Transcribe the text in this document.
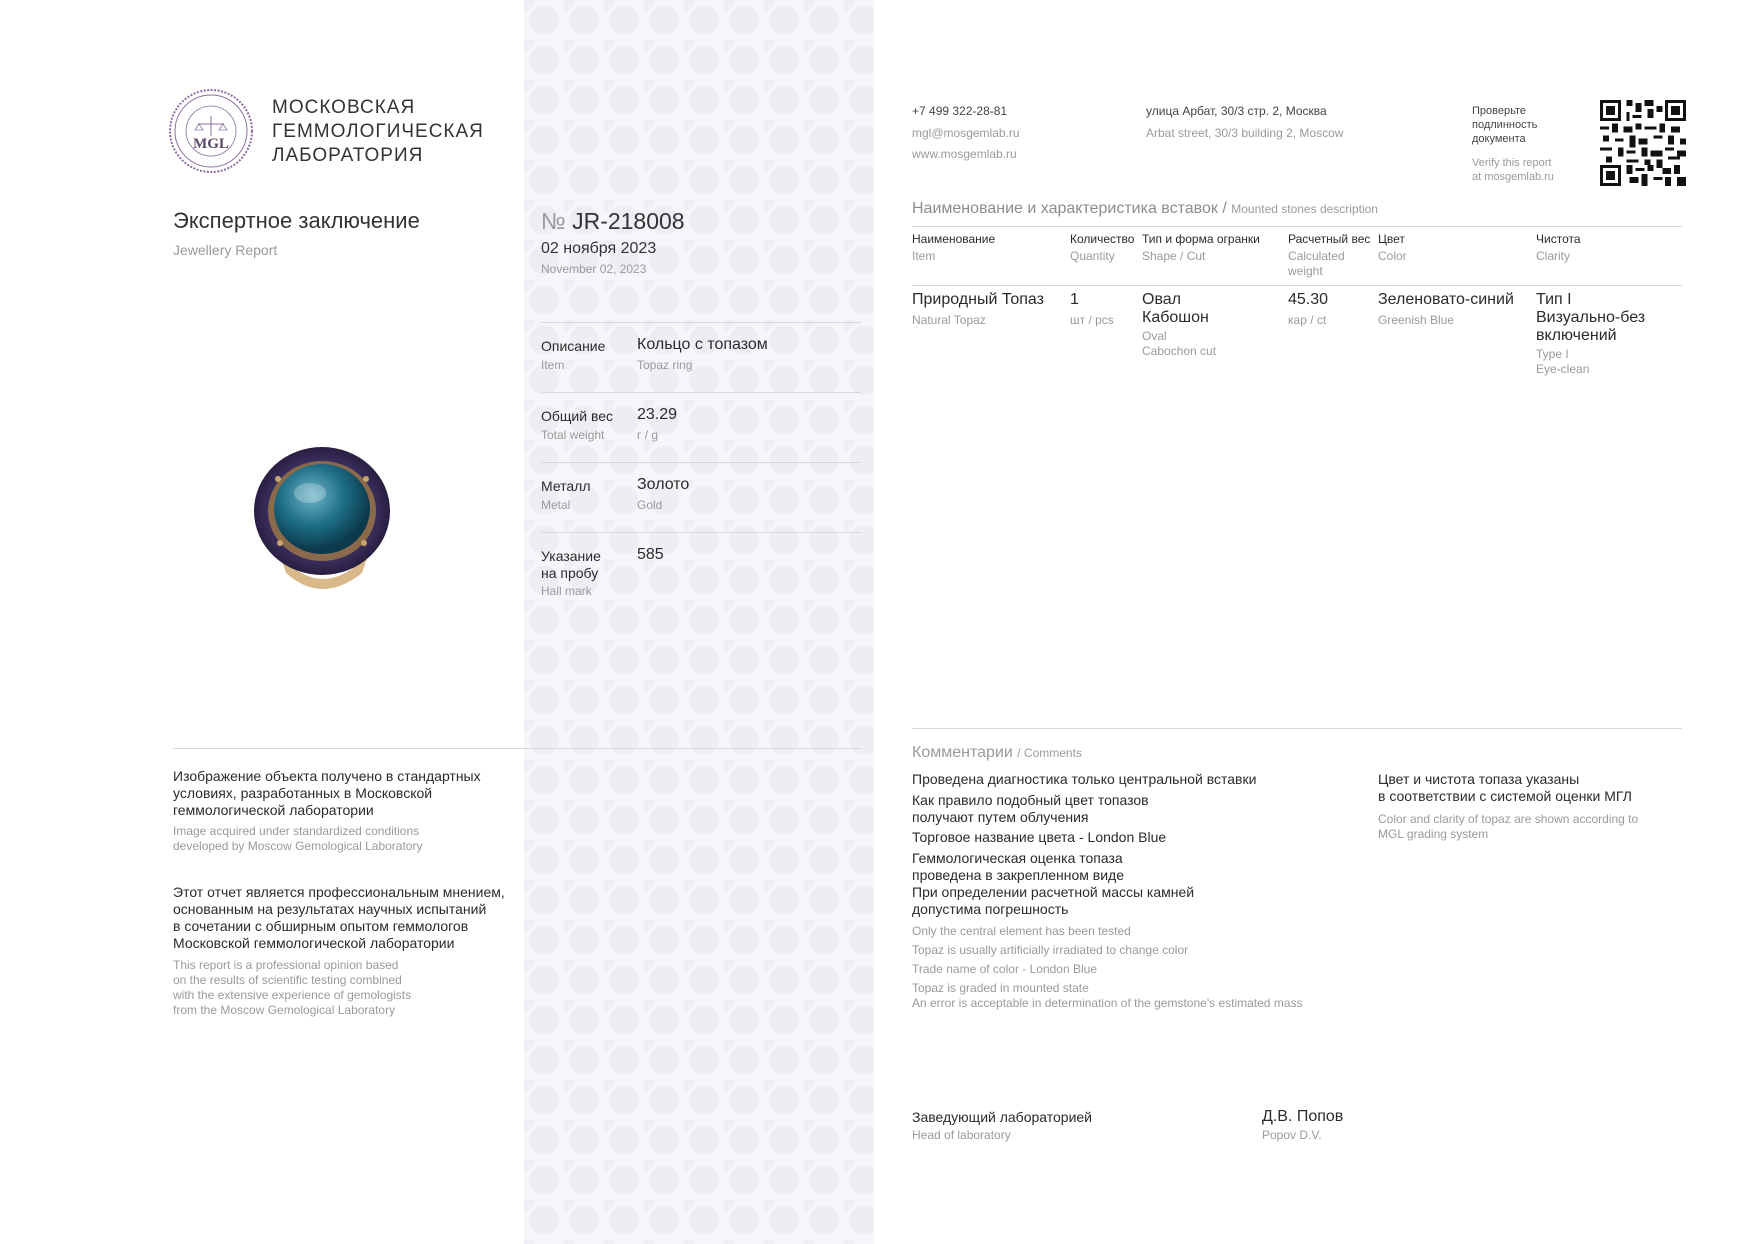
MGL
МОСКОВСКАЯ
ГЕММОЛОГИЧЕСКАЯ
ЛАБОРАТОРИЯ
Экспертное заключение
Jewellery Report
№ JR-218008
02 ноября 2023
November 02, 2023
Описание
Item
Кольцо с топазом
Topaz ring
Общий вес
Total weight
23.29
г / g
Металл
Metal
Золото
Gold
Указание
на пробу
Hall mark
585
+7 499 322-28-81
mgl@mosgemlab.ru
www.mosgemlab.ru
улица Арбат, 30/3 стр. 2, Москва
Arbat street, 30/3 building 2, Moscow
Проверьте
подлинность
документа
Verify this report
at mosgemlab.ru
Наименование и характеристика вставок / Mounted stones description
Наименование
Item
Количество
Quantity
Тип и форма огранки
Shape / Cut
Расчетный вес
Calculated
weight
Цвет
Color
Чистота
Clarity
Природный Топаз
Natural Topaz
1
шт / pcs
Овал
Кабошон
Oval
Cabochon cut
45.30
кар / ct
Зеленовато-синий
Greenish Blue
Тип I
Визуально-без
включений
Type I
Eye-clean
Изображение объекта получено в стандартных
условиях, разработанных в Московской
геммологической лаборатории
Image acquired under standardized conditions
developed by Moscow Gemological Laboratory
Этот отчет является профессиональным мнением,
основанным на результатах научных испытаний
в сочетании с обширным опытом геммологов
Московской геммологической лаборатории
This report is a professional opinion based
on the results of scientific testing combined
with the extensive experience of gemologists
from the Moscow Gemological Laboratory
Комментарии / Comments
Проведена диагностика только центральной вставки
Как правило подобный цвет топазов
получают путем облучения
Торговое название цвета - London Blue
Геммологическая оценка топаза
проведена в закрепленном виде
При определении расчетной массы камней
допустима погрешность
Only the central element has been tested
Topaz is usually artificially irradiated to change color
Trade name of color - London Blue
Topaz is graded in mounted state
An error is acceptable in determination of the gemstone's estimated mass
Цвет и чистота топаза указаны
в соответствии с системой оценки МГЛ
Color and clarity of topaz are shown according to
MGL grading system
Заведующий лабораторией
Head of laboratory
Д.В. Попов
Popov D.V.
